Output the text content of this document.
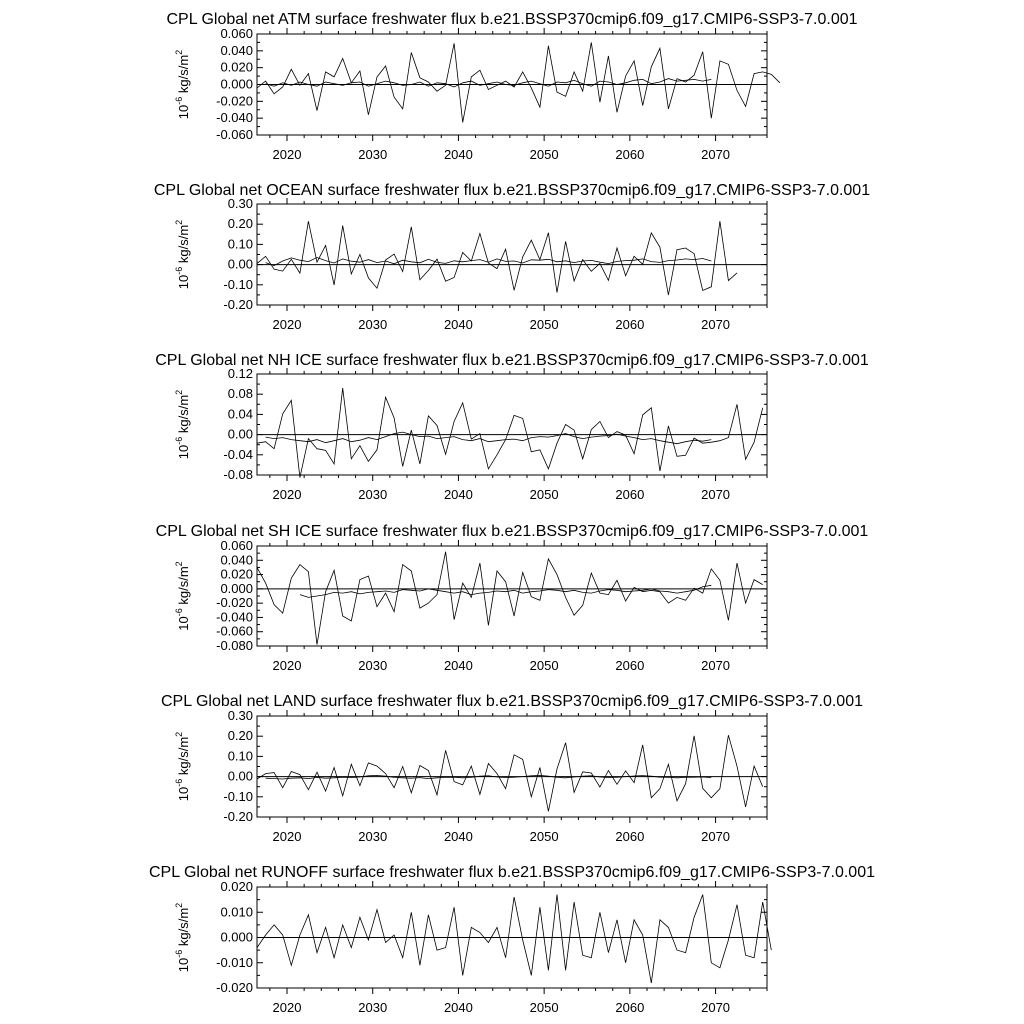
CPL Global net ATM surface freshwater flux b.e21.BSSP370cmip6.f09_g17.CMIP6-SSP3-7.0.001
0.060
0.040
0.020
0.000
-0.020
-0.040
-0.060
2020	2030	2040	2050	2060	2070
$10^{-6}$ $kg/s/m^2$
CPL Global net OCEAN surface freshwater flux b.e21.BSSP370cmip6.f09_g17.CMIP6-SSP3-7.0.001
0.30
0.20
0.10
0.00
-0.10
-0.20
2020	2030	2040	2050	2060	2070
$10^{-6}$ $kg/s/m^2$
CPL Global net NH ICE surface freshwater flux b.e21.BSSP370cmip6.f09_g17.CMIP6-SSP3-7.0.001
0.12
0.08
0.04
0.00
-0.04
-0.08
2020	2030	2040	2050	2060	2070
$10^{-6}$ $kg/s/m^2$
CPL Global net SH ICE surface freshwater flux b.e21.BSSP370cmip6.f09_g17.CMIP6-SSP3-7.0.001
0.060
0.040
0.020
0.000
-0.020
-0.040
-0.060
-0.080
2020	2030	2040	2050	2060	2070
$10^{-6}$ $kg/s/m^2$
CPL Global net LAND surface freshwater flux b.e21.BSSP370cmip6.f09_g17.CMIP6-SSP3-7.0.001
0.30
0.20
0.10
0.00
-0.10
-0.20
2020	2030	2040	2050	2060	2070
$10^{-6}$ $kg/s/m^2$
CPL Global net RUNOFF surface freshwater flux b.e21.BSSP370cmip6.f09_g17.CMIP6-SSP3-7.0.001
0.020
0.010
0.000
-0.010
-0.020
2020	2030	2040	2050	2060	2070
$10^{-6}$ $kg/s/m^2$
